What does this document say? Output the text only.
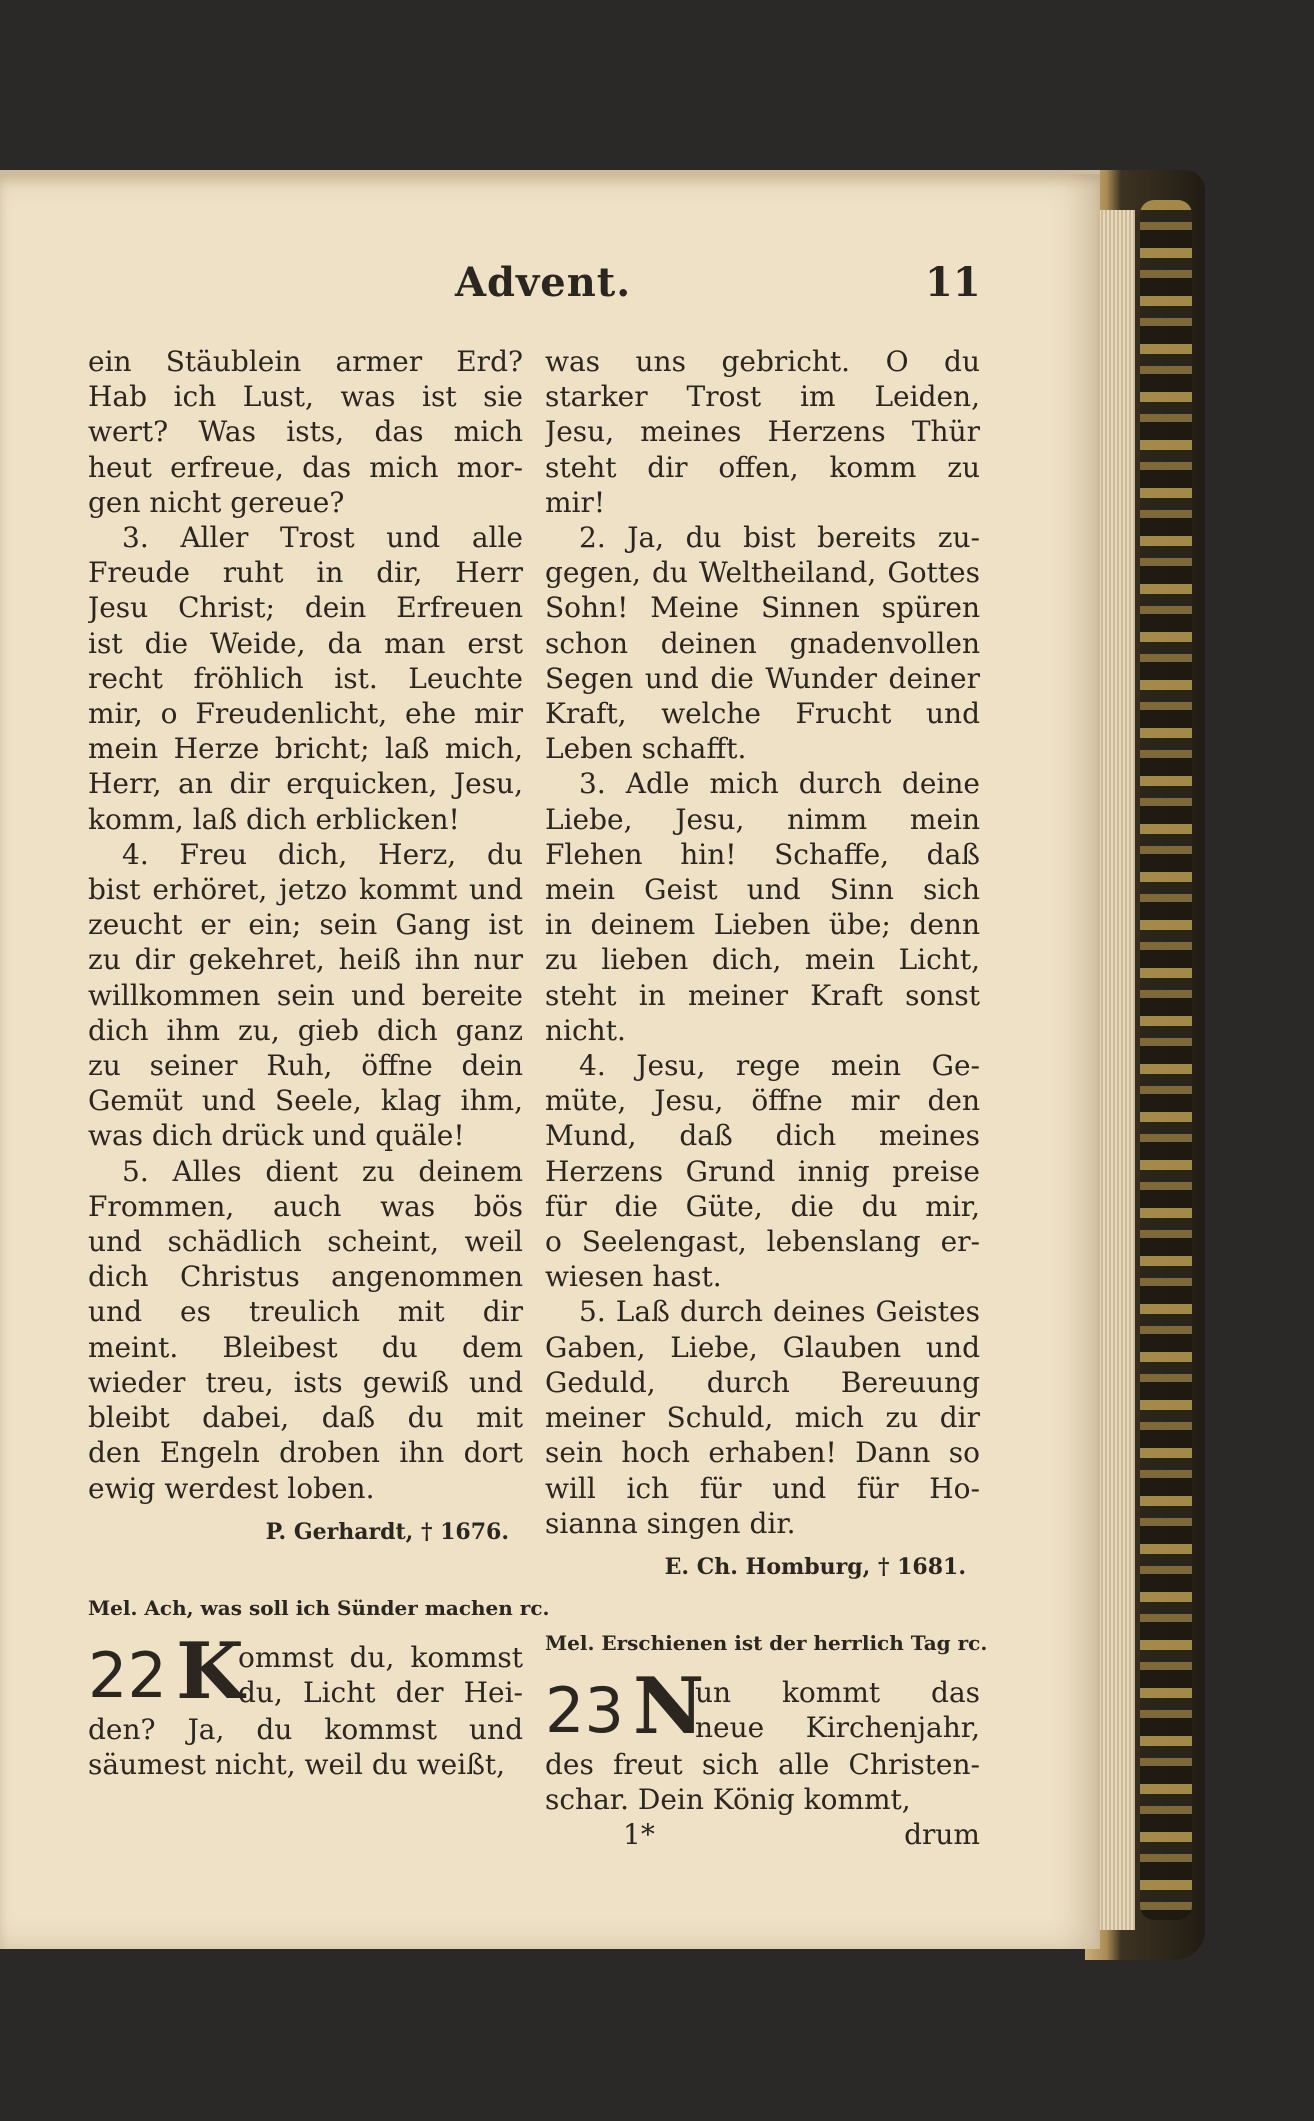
Advent.	11
ein Stäublein armer Erd?
Hab ich Lust, was ist sie
wert? Was ists, das mich
heut erfreue, das mich mor-
gen nicht gereue?
3. Aller Trost und alle
Freude ruht in dir, Herr
Jesu Christ; dein Erfreuen
ist die Weide, da man erst
recht fröhlich ist. Leuchte
mir, o Freudenlicht, ehe mir
mein Herze bricht; laß mich,
Herr, an dir erquicken, Jesu,
komm, laß dich erblicken!
4. Freu dich, Herz, du
bist erhöret, jetzo kommt und
zeucht er ein; sein Gang ist
zu dir gekehret, heiß ihn nur
willkommen sein und bereite
dich ihm zu, gieb dich ganz
zu seiner Ruh, öffne dein
Gemüt und Seele, klag ihm,
was dich drück und quäle!
5. Alles dient zu deinem
Frommen, auch was bös
und schädlich scheint, weil
dich Christus angenommen
und es treulich mit dir
meint. Bleibest du dem
wieder treu, ists gewiß und
bleibt dabei, daß du mit
den Engeln droben ihn dort
ewig werdest loben.
P. Gerhardt, † 1676.
Mel. Ach, was soll ich Sünder machen rc.
22 K
ommst du, kommst
du, Licht der Hei-
den? Ja, du kommst und
säumest nicht, weil du weißt,
was uns gebricht. O du
starker Trost im Leiden,
Jesu, meines Herzens Thür
steht dir offen, komm zu
mir!
2. Ja, du bist bereits zu-
gegen, du Weltheiland, Gottes
Sohn! Meine Sinnen spüren
schon deinen gnadenvollen
Segen und die Wunder deiner
Kraft, welche Frucht und
Leben schafft.
3. Adle mich durch deine
Liebe, Jesu, nimm mein
Flehen hin! Schaffe, daß
mein Geist und Sinn sich
in deinem Lieben übe; denn
zu lieben dich, mein Licht,
steht in meiner Kraft sonst
nicht.
4. Jesu, rege mein Ge-
müte, Jesu, öffne mir den
Mund, daß dich meines
Herzens Grund innig preise
für die Güte, die du mir,
o Seelengast, lebenslang er-
wiesen hast.
5. Laß durch deines Geistes
Gaben, Liebe, Glauben und
Geduld, durch Bereuung
meiner Schuld, mich zu dir
sein hoch erhaben! Dann so
will ich für und für Ho-
sianna singen dir.
E. Ch. Homburg, † 1681.
Mel. Erschienen ist der herrlich Tag rc.
23 N
un kommt das
neue Kirchenjahr,
des freut sich alle Christen-
schar. Dein König kommt,
1*	drum
